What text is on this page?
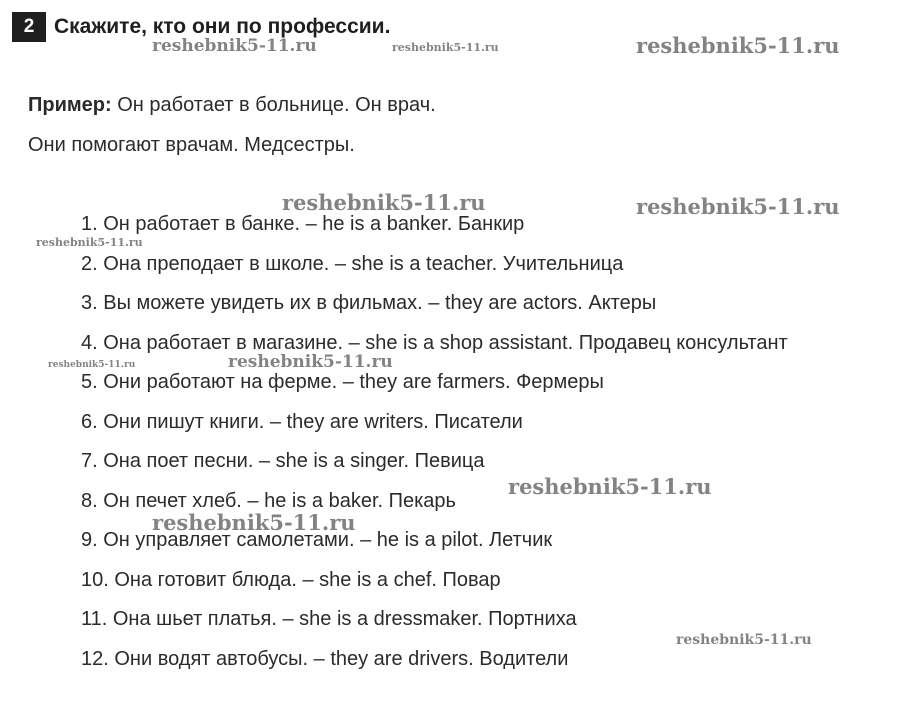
2 Скажите, кто они по профессии.
Пример: Он работает в больнице. Он врач.
Они помогают врачам. Медсестры.
1. Он работает в банке. – he is a banker. Банкир
2. Она преподает в школе. – she is a teacher. Учительница
3. Вы можете увидеть их в фильмах. – they are actors. Актеры
4. Она работает в магазине. – she is a shop assistant. Продавец консультант
5. Они работают на ферме. – they are farmers. Фермеры
6. Они пишут книги. – they are writers. Писатели
7. Она поет песни. – she is a singer. Певица
8. Он печет хлеб. – he is a baker. Пекарь
9. Он управляет самолетами. – he is a pilot. Летчик
10. Она готовит блюда. – she is a chef. Повар
11. Она шьет платья. – she is a dressmaker. Портниха
12. Они водят автобусы. – they are drivers. Водители
reshebnik5-11.ru	reshebnik5-11.ru	reshebnik5-11.ru
reshebnik5-11.ru	reshebnik5-11.ru
reshebnik5-11.ru
reshebnik5-11.ru	reshebnik5-11.ru
reshebnik5-11.ru
reshebnik5-11.ru
reshebnik5-11.ru
